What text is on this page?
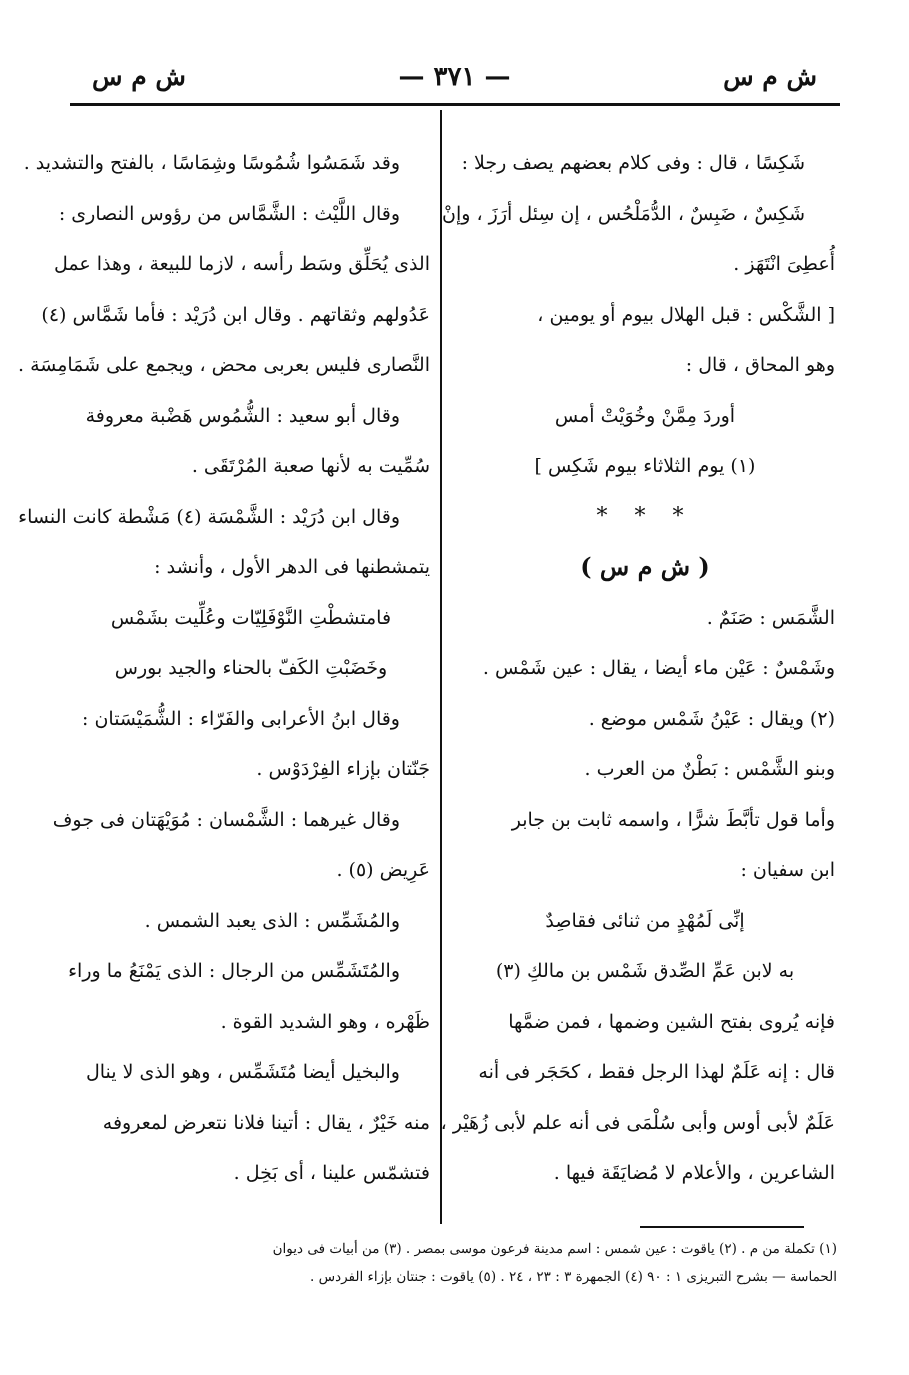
ش م س
— ٣٧١ —
ش م س
شَكِسًا ، قال : وفى كلام بعضهم يصف رجلا :
شَكِسٌ ، ضَبِسٌ ، الدُّمَلْحُس ، إن سِئل أرَزَ ، وإنْ
أُعطِىَ انْتَهَز .
[ الشَّكْس : قبل الهلال بيوم أو يومين ،
وهو المحاق ، قال :
أوردَ مِمَّنْ وخُوَيْتْ أمس
(١) يوم الثلاثاء بيوم شَكِس ]
* * *
( ش م س )
الشَّمَس : صَنَمٌ .
وشَمْسٌ : عَيْن ماء أيضا ، يقال : عين شَمْس .
(٢) ويقال : عَيْنُ شَمْس موضع .
وبنو الشَّمْس : بَطْنٌ من العرب .
وأما قول تأبَّطَ شرًّا ، واسمه ثابت بن جابر
ابن سفيان :
إنِّى لَمُهْدٍ من ثنائى فقاصِدٌ
به لابن عَمِّ الصِّدق شَمْس بن مالكِ (٣)
فإنه يُروى بفتح الشين وضمها ، فمن ضمَّها
قال : إنه عَلَمٌ لهذا الرجل فقط ، كحَجَر فى أنه
عَلَمٌ لأبى أوس وأبى سُلْمَى فى أنه علم لأبى زُهَيْر ،
الشاعرين ، والأعلام لا مُضايَقَة فيها .
وقد شَمَسُوا شُمُوسًا وشِمَاسًا ، بالفتح والتشديد .
وقال اللَّيْث : الشَّمَّاس من رؤوس النصارى :
الذى يُحَلِّق وسَط رأسه ، لازما للبيعة ، وهذا عمل
عَدُولهم وثقاتهم . وقال ابن دُرَيْد : فأما شَمَّاس (٤)
النَّصارى فليس بعربى محض ، ويجمع على شَمَامِسَة .
وقال أبو سعيد : الشُّمُوس هَضْبة معروفة
سُمِّيت به لأنها صعبة المُرْتَقَى .
وقال ابن دُرَيْد : الشَّمْسَة (٤) مَشْطة كانت النساء
يتمشطنها فى الدهر الأول ، وأنشد :
فامتشطْتِ النَّوْفَلِيّات وعُلِّيت بشَمْس
وخَضَبْتِ الكَفّ بالحناء والجيد بورس
وقال ابنُ الأعرابى والفَرّاء : الشُّمَيْسَتان :
جَنّتان بإزاء الفِرْدَوْس .
وقال غيرهما : الشَّمْسان : مُوَيْهَتان فى جوف
عَرِيض (٥) .
والمُشَمِّس : الذى يعبد الشمس .
والمُتَشَمِّس من الرجال : الذى يَمْنَعُ ما وراء
ظَهْره ، وهو الشديد القوة .
والبخيل أيضا مُتَشَمِّس ، وهو الذى لا ينال
منه خَيْرٌ ، يقال : أتينا فلانا نتعرض لمعروفه
فتشمّس علينا ، أى بَخِل .
(١) تكملة من م . (٢) ياقوت : عين شمس : اسم مدينة فرعون موسى بمصر . (٣) من أبيات فى ديوان
الحماسة — بشرح التبريزى ١ : ٩٠ (٤) الجمهرة ٣ : ٢٣ ، ٢٤ . (٥) ياقوت : جنتان بإزاء الفردس .
